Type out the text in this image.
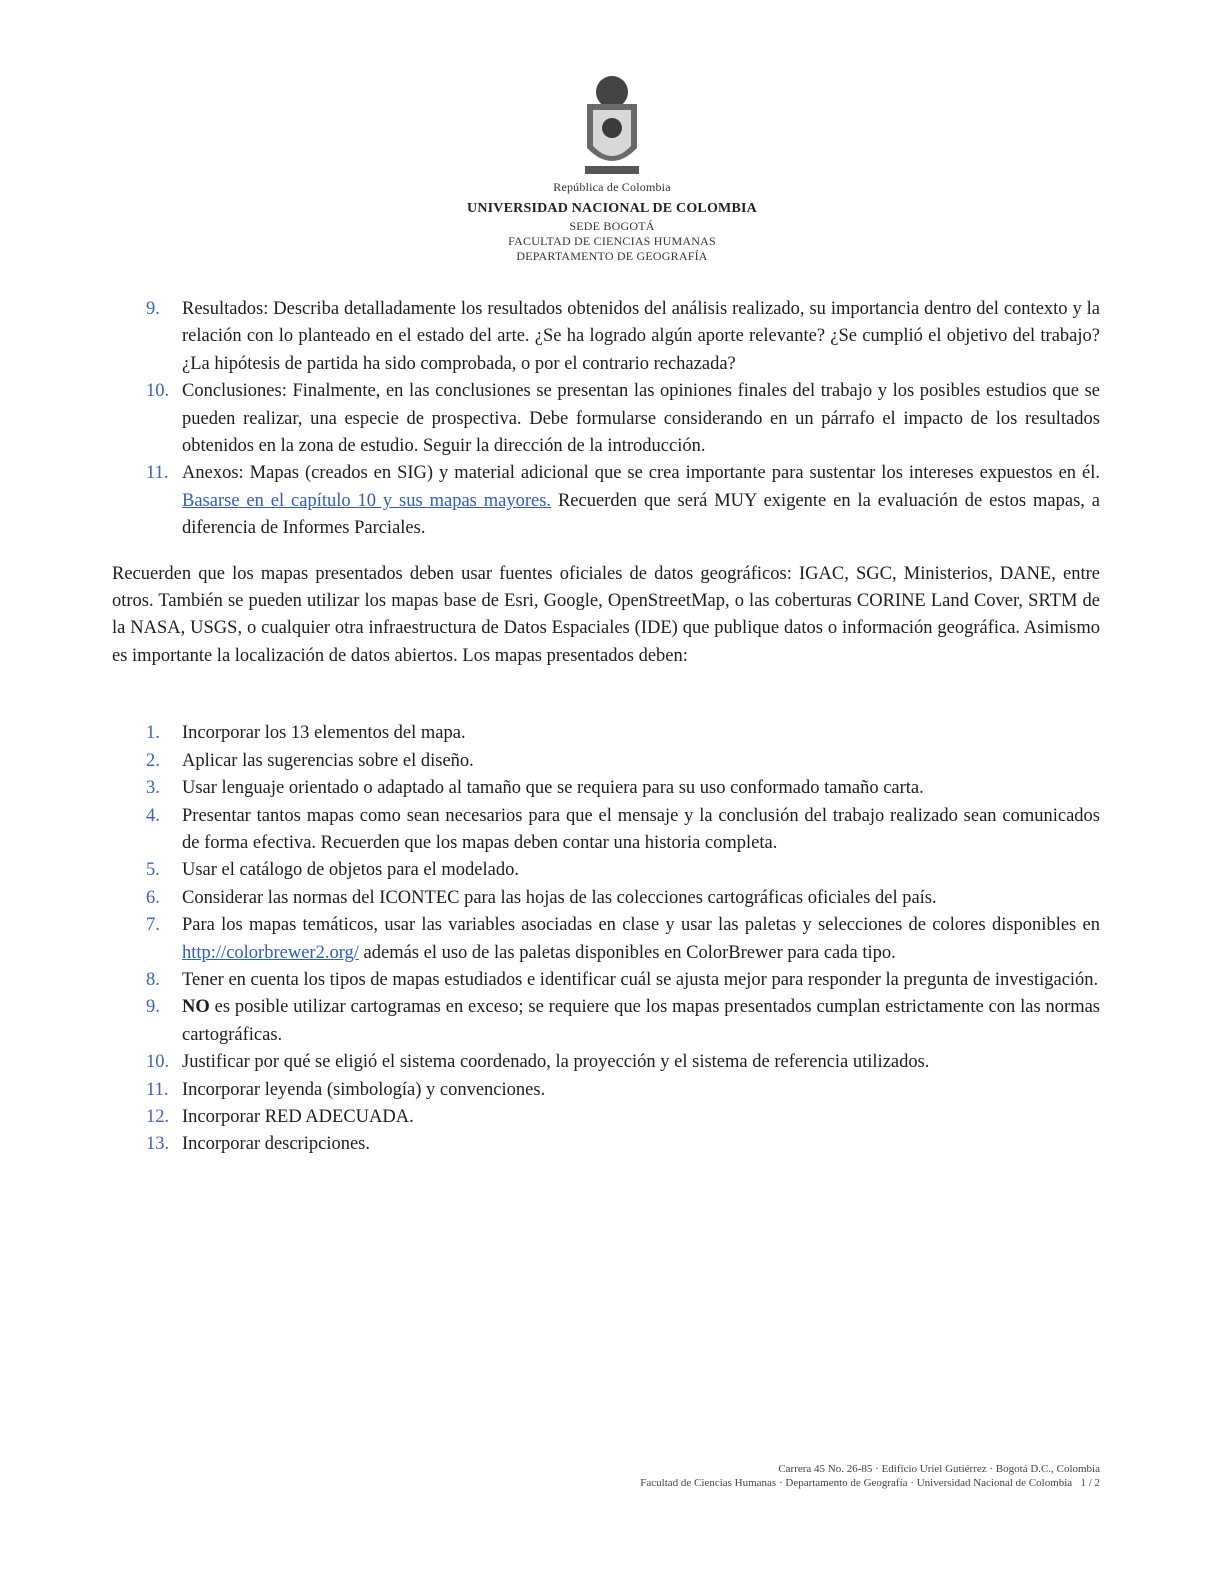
República de Colombia
UNIVERSIDAD NACIONAL DE COLOMBIA
SEDE BOGOTÁ
FACULTAD DE CIENCIAS HUMANAS
DEPARTAMENTO DE GEOGRAFÍA
9.	Resultados: Describa detalladamente los resultados obtenidos del análisis realizado, su importancia dentro del contexto y la relación con lo planteado en el estado del arte. ¿Se ha logrado algún aporte relevante? ¿Se cumplió el objetivo del trabajo? ¿La hipótesis de partida ha sido comprobada, o por el contrario rechazada?
10. Conclusiones: Finalmente, en las conclusiones se presentan las opiniones finales del trabajo y los posibles estudios que se pueden realizar, una especie de prospectiva. Debe formularse considerando en un párrafo el impacto de los resultados obtenidos en la zona de estudio. Seguir la dirección de la introducción.
11. Anexos: Mapas (creados en SIG) y material adicional que se crea importante para sustentar los intereses expuestos en él. Basarse en el capítulo 10 y sus mapas mayores. Recuerden que será MUY exigente en la evaluación de estos mapas, a diferencia de Informes Parciales.

Recuerden que los mapas presentados deben usar fuentes oficiales de datos geográficos: IGAC, SGC, Ministerios, DANE, entre otros. También se pueden utilizar los mapas base de Esri, Google, OpenStreetMap, o las coberturas CORINE Land Cover, SRTM de la NASA, USGS, o cualquier otra infraestructura de Datos Espaciales (IDE) que publique datos o información geográfica. Asimismo es importante la localización de datos abiertos. Los mapas presentados deben:

1.	Incorporar los 13 elementos del mapa.
2.	Aplicar las sugerencias sobre el diseño.
3.	Usar lenguaje orientado o adaptado al tamaño que se requiera para su uso conformado tamaño carta.
4.	Presentar tantos mapas como sean necesarios para que el mensaje y la conclusión del trabajo realizado sean comunicados de forma efectiva. Recuerden que los mapas deben contar una historia completa.
5.	Usar el catálogo de objetos para el modelado.
6.	Considerar las normas del ICONTEC para las hojas de las colecciones cartográficas oficiales del país.
7.	Para los mapas temáticos, usar las variables asociadas en clase y usar las paletas y selecciones de colores disponibles en http://colorbrewer2.org/ además el uso de las paletas disponibles en ColorBrewer para cada tipo.
8.	Tener en cuenta los tipos de mapas estudiados e identificar cuál se ajusta mejor para responder la pregunta de investigación.
9.	NO es posible utilizar cartogramas en exceso; se requiere que los mapas presentados cumplan estrictamente con las normas cartográficas.
10. Justificar por qué se eligió el sistema coordenado, la proyección y el sistema de referencia utilizados.
11. Incorporar leyenda (simbología) y convenciones.
12. Incorporar RED ADECUADA.
13. Incorporar descripciones.
Carrera 45 No. 26-85 · Edificio Uriel Gutiérrez · Bogotá D.C., Colombia
Facultad de Ciencias Humanas · Departamento de Geografía · Universidad Nacional de Colombia 1 / 2
